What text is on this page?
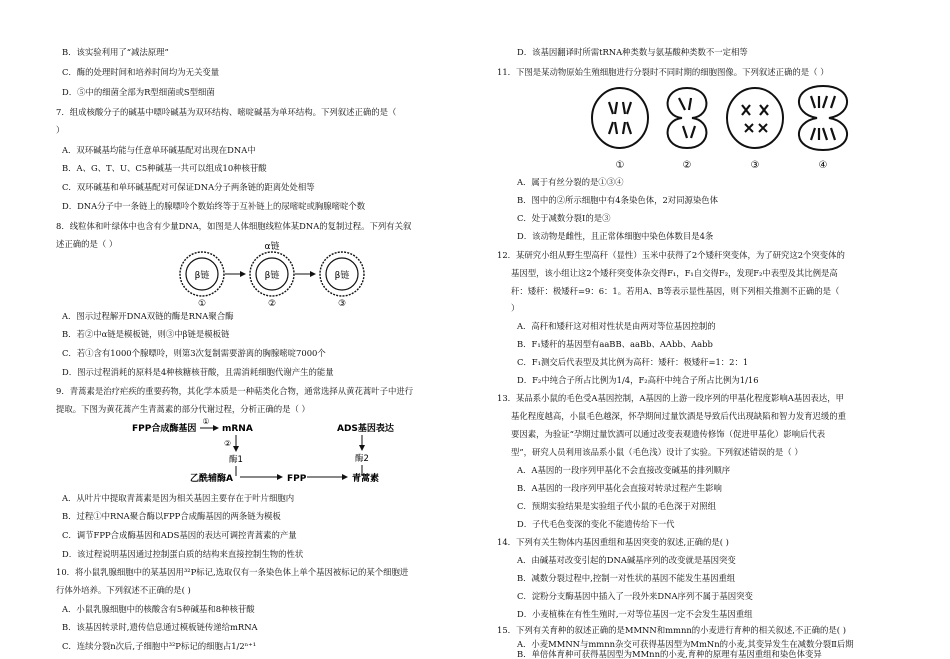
B．该实验利用了“减法原理”
C．酶的处理时间和培养时间均为无关变量
D．⑤中的细菌全部为R型细菌或S型细菌
7．组成核酸分子的碱基中嘌呤碱基为双环结构、嘧啶碱基为单环结构。下列叙述正确的是（
）
A．双环碱基均能与任意单环碱基配对出现在DNA中
B．A、G、T、U、C5种碱基一共可以组成10种核苷酸
C．双环碱基和单环碱基配对可保证DNA分子两条链的距离处处相等
D．DNA分子中一条链上的腺嘌呤个数始终等于互补链上的尿嘧啶或胸腺嘧啶个数
8．线粒体和叶绿体中也含有少量DNA，如图是人体细胞线粒体某DNA的复制过程。下列有关叙
述正确的是（ ）
β链	β链	β链
α链
①	②	③
A．图示过程解开DNA双链的酶是RNA聚合酶
B．若②中α链是模板链，则③中β链是模板链
C．若①含有1000个腺嘌呤，则第3次复制需要游离的胸腺嘧啶7000个
D．图示过程消耗的原料是4种核糖核苷酸，且需消耗细胞代谢产生的能量
9．青蒿素是治疗疟疾的重要药物，其化学本质是一种萜类化合物，通常选择从黄花蒿叶子中进行
提取。下图为黄花蒿产生青蒿素的部分代谢过程，分析正确的是（ ）
FPP合成酶基因
①
mRNA
②
酶1
ADS基因表达
酶2
乙酰辅酶A	FPP	青蒿素
A．从叶片中提取青蒿素是因为相关基因主要存在于叶片细胞内
B．过程①中RNA聚合酶以FPP合成酶基因的两条链为模板
C．调节FPP合成酶基因和ADS基因的表达可调控青蒿素的产量
D．该过程说明基因通过控制蛋白质的结构来直接控制生物的性状
10．将小鼠乳腺细胞中的某基因用³²P标记,选取仅有一条染色体上单个基因被标记的某个细胞进
行体外培养。下列叙述不正确的是( )
A．小鼠乳腺细胞中的核酸含有5种碱基和8种核苷酸
B．该基因转录时,遗传信息通过模板链传递给mRNA
C．连续分裂n次后,子细胞中³²P标记的细胞占1/2ⁿ⁺¹
D．该基因翻译时所需tRNA种类数与氨基酸种类数不一定相等
11．下图是某动物原始生殖细胞进行分裂时不同时期的细胞图像。下列叙述正确的是（ ）
①	②	③	④
A．属于有丝分裂的是①③④
B．图中的②所示细胞中有4条染色体，2对同源染色体
C．处于减数分裂Ⅰ的是③
D．该动物是雌性，且正常体细胞中染色体数目是4条
12．某研究小组从野生型高秆（显性）玉米中获得了2个矮秆突变体，为了研究这2个突变体的
基因型，该小组让这2个矮秆突变体杂交得F₁，F₁自交得F₂，发现F₂中表型及其比例是高
秆：矮秆：极矮秆=9：6：1。若用A、B等表示显性基因，则下列相关推测不正确的是（
）
A．高秆和矮秆这对相对性状是由两对等位基因控制的
B．F₁矮秆的基因型有aaBB、aaBb、AAbb、Aabb
C．F₁测交后代表型及其比例为高秆：矮秆：极矮秆=1：2：1
D．F₂中纯合子所占比例为1/4，F₂高秆中纯合子所占比例为1/16
13．某品系小鼠的毛色受A基因控制，A基因的上游一段序列的甲基化程度影响A基因表达，甲
基化程度越高，小鼠毛色越深，怀孕期间过量饮酒是导致后代出现缺陷和智力发育迟缓的重
要因素，为验证“孕期过量饮酒可以通过改变表观遗传修饰（促进甲基化）影响后代表
型”，研究人员利用该品系小鼠（毛色浅）设计了实验。下列叙述错误的是（ ）
A．A基因的一段序列甲基化不会直接改变碱基的排列顺序
B．A基因的一段序列甲基化会直接对转录过程产生影响
C．预期实验结果是实验组子代小鼠的毛色深于对照组
D．子代毛色变深的变化不能遗传给下一代
14．下列有关生物体内基因重组和基因突变的叙述,正确的是( )
A．由碱基对改变引起的DNA碱基序列的改变就是基因突变
B．减数分裂过程中,控制一对性状的基因不能发生基因重组
C．淀粉分支酶基因中插入了一段外来DNA序列不属于基因突变
D．小麦植株在有性生殖时,一对等位基因一定不会发生基因重组
15．下列有关育种的叙述正确的是MMNN和mmnn的小麦进行育种的相关叙述,不正确的是( )
A．小麦MMNN与mmnn杂交可获得基因型为MmNn的小麦,其变异发生在减数分裂Ⅱ后期
B．单倍体育种可获得基因型为MMnn的小麦,育种的原理有基因重组和染色体变异
